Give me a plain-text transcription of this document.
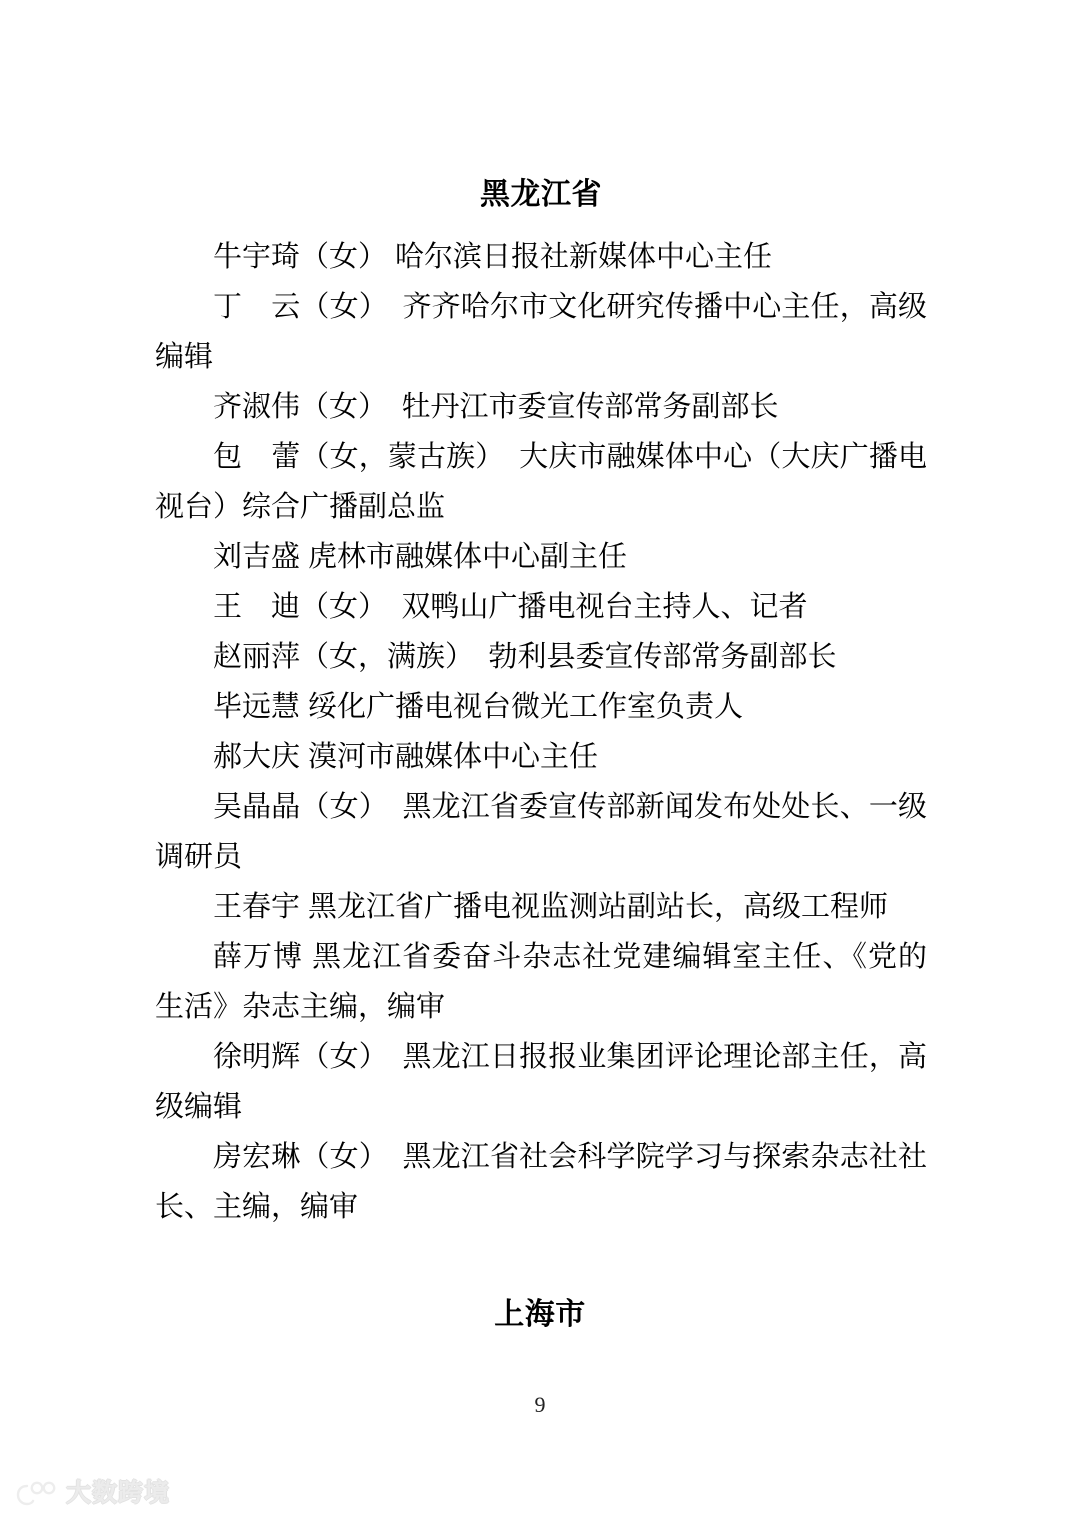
黑龙江省

牛宇琦（女） 哈尔滨日报社新媒体中心主任

丁　云（女）　齐齐哈尔市文化研究传播中心主任，高级编辑

齐淑伟（女）　牡丹江市委宣传部常务副部长

包　蕾（女，蒙古族）　大庆市融媒体中心（大庆广播电视台）综合广播副总监

刘吉盛 虎林市融媒体中心副主任

王　迪（女）　双鸭山广播电视台主持人、记者

赵丽萍（女，满族）　勃利县委宣传部常务副部长

毕远慧 绥化广播电视台微光工作室负责人

郝大庆 漠河市融媒体中心主任

吴晶晶（女）　黑龙江省委宣传部新闻发布处处长、一级调研员

王春宇 黑龙江省广播电视监测站副站长，高级工程师

薛万博 黑龙江省委奋斗杂志社党建编辑室主任、《党的生活》杂志主编，编审

徐明辉（女）　黑龙江日报报业集团评论理论部主任，高级编辑

房宏琳（女）　黑龙江省社会科学院学习与探索杂志社社长、主编，编审

上海市
9
大数跨境
